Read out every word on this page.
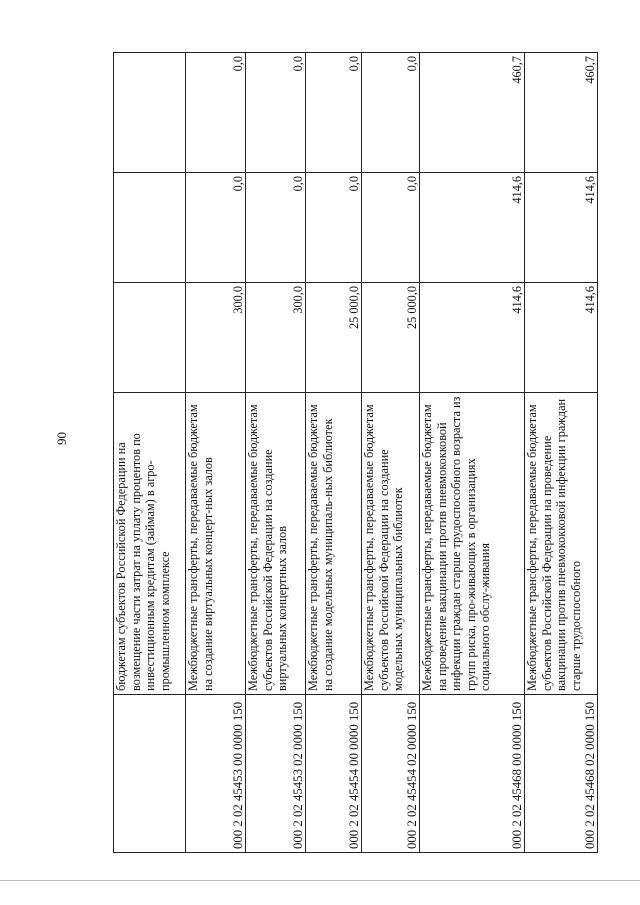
90
	бюджетам субъектов Российской Федерации на возмещение части затрат на уплату процентов по инвестиционным кредитам (займам) в агро-промышленном комплексе			
000 2 02 45453 00 0000 150	Межбюджетные трансферты, передаваемые бюджетам на создание виртуальных концерт-ных залов	300,0	0,0	0,0
000 2 02 45453 02 0000 150	Межбюджетные трансферты, передаваемые бюджетам субъектов Российской Федерации на создание виртуальных концертных залов	300,0	0,0	0,0
000 2 02 45454 00 0000 150	Межбюджетные трансферты, передаваемые бюджетам на создание модельных муниципаль-ных библиотек	25 000,0	0,0	0,0
000 2 02 45454 02 0000 150	Межбюджетные трансферты, передаваемые бюджетам субъектов Российской Федерации на создание модельных муниципальных библиотек	25 000,0	0,0	0,0
000 2 02 45468 00 0000 150	Межбюджетные трансферты, передаваемые бюджетам на проведение вакцинации против пневмококковой инфекции граждан старше трудоспособного возраста из групп риска, про-живающих в организациях социального обслу-живания	414,6	414,6	460,7
000 2 02 45468 02 0000 150	Межбюджетные трансферты, передаваемые бюджетам субъектов Российской Федерации на проведение вакцинации против пневмококковой инфекции граждан старше трудоспособного	414,6	414,6	460,7
